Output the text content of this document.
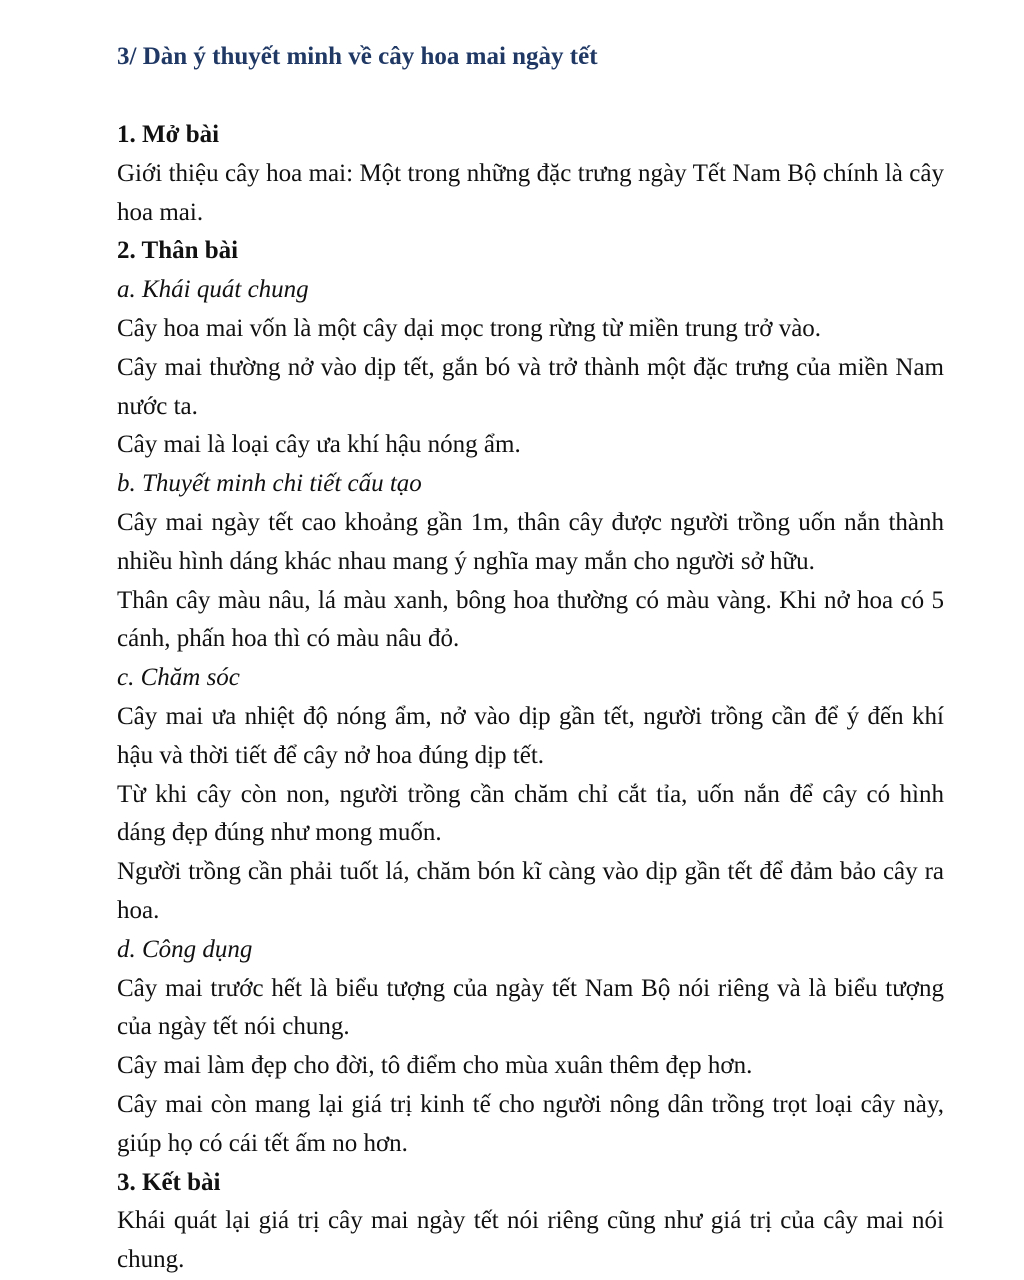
3/ Dàn ý thuyết minh về cây hoa mai ngày tết
1. Mở bài

Giới thiệu cây hoa mai: Một trong những đặc trưng ngày Tết Nam Bộ chính là cây hoa mai.

2. Thân bài
a. Khái quát chung

Cây hoa mai vốn là một cây dại mọc trong rừng từ miền trung trở vào.

Cây mai thường nở vào dịp tết, gắn bó và trở thành một đặc trưng của miền Nam nước ta.

Cây mai là loại cây ưa khí hậu nóng ẩm.

b. Thuyết minh chi tiết cấu tạo

Cây mai ngày tết cao khoảng gần 1m, thân cây được người trồng uốn nắn thành nhiều hình dáng khác nhau mang ý nghĩa may mắn cho người sở hữu.

Thân cây màu nâu, lá màu xanh, bông hoa thường có màu vàng. Khi nở hoa có 5 cánh, phấn hoa thì có màu nâu đỏ.

c. Chăm sóc

Cây mai ưa nhiệt độ nóng ẩm, nở vào dịp gần tết, người trồng cần để ý đến khí hậu và thời tiết để cây nở hoa đúng dịp tết.

Từ khi cây còn non, người trồng cần chăm chỉ cắt tỉa, uốn nắn để cây có hình dáng đẹp đúng như mong muốn.

Người trồng cần phải tuốt lá, chăm bón kĩ càng vào dịp gần tết để đảm bảo cây ra hoa.

d. Công dụng

Cây mai trước hết là biểu tượng của ngày tết Nam Bộ nói riêng và là biểu tượng của ngày tết nói chung.

Cây mai làm đẹp cho đời, tô điểm cho mùa xuân thêm đẹp hơn.

Cây mai còn mang lại giá trị kinh tế cho người nông dân trồng trọt loại cây này, giúp họ có cái tết ấm no hơn.

3. Kết bài

Khái quát lại giá trị cây mai ngày tết nói riêng cũng như giá trị của cây mai nói chung.
